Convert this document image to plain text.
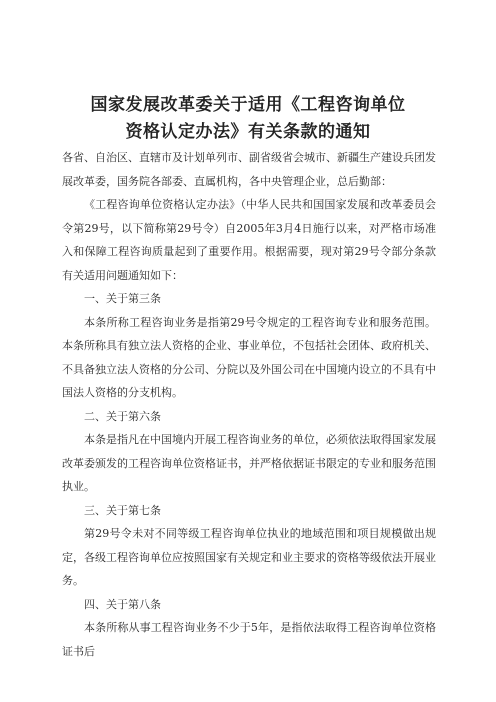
国家发展改革委关于适用《工程咨询单位
资格认定办法》有关条款的通知

各省、自治区、直辖市及计划单列市、副省级省会城市、新疆生产建设兵团发展改革委，国务院各部委、直属机构，各中央管理企业，总后勤部：

《工程咨询单位资格认定办法》（中华人民共和国国家发展和改革委员会令第29号，以下简称第29号令）自2005年3月4日施行以来，对严格市场准入和保障工程咨询质量起到了重要作用。根据需要，现对第29号令部分条款有关适用问题通知如下：

一、关于第三条

本条所称工程咨询业务是指第29号令规定的工程咨询专业和服务范围。本条所称具有独立法人资格的企业、事业单位，不包括社会团体、政府机关、不具备独立法人资格的分公司、分院以及外国公司在中国境内设立的不具有中国法人资格的分支机构。

二、关于第六条

本条是指凡在中国境内开展工程咨询业务的单位，必须依法取得国家发展改革委颁发的工程咨询单位资格证书，并严格依据证书限定的专业和服务范围执业。

三、关于第七条

第29号令未对不同等级工程咨询单位执业的地域范围和项目规模做出规定，各级工程咨询单位应按照国家有关规定和业主要求的资格等级依法开展业务。

四、关于第八条

本条所称从事工程咨询业务不少于5年，是指依法取得工程咨询单位资格证书后
